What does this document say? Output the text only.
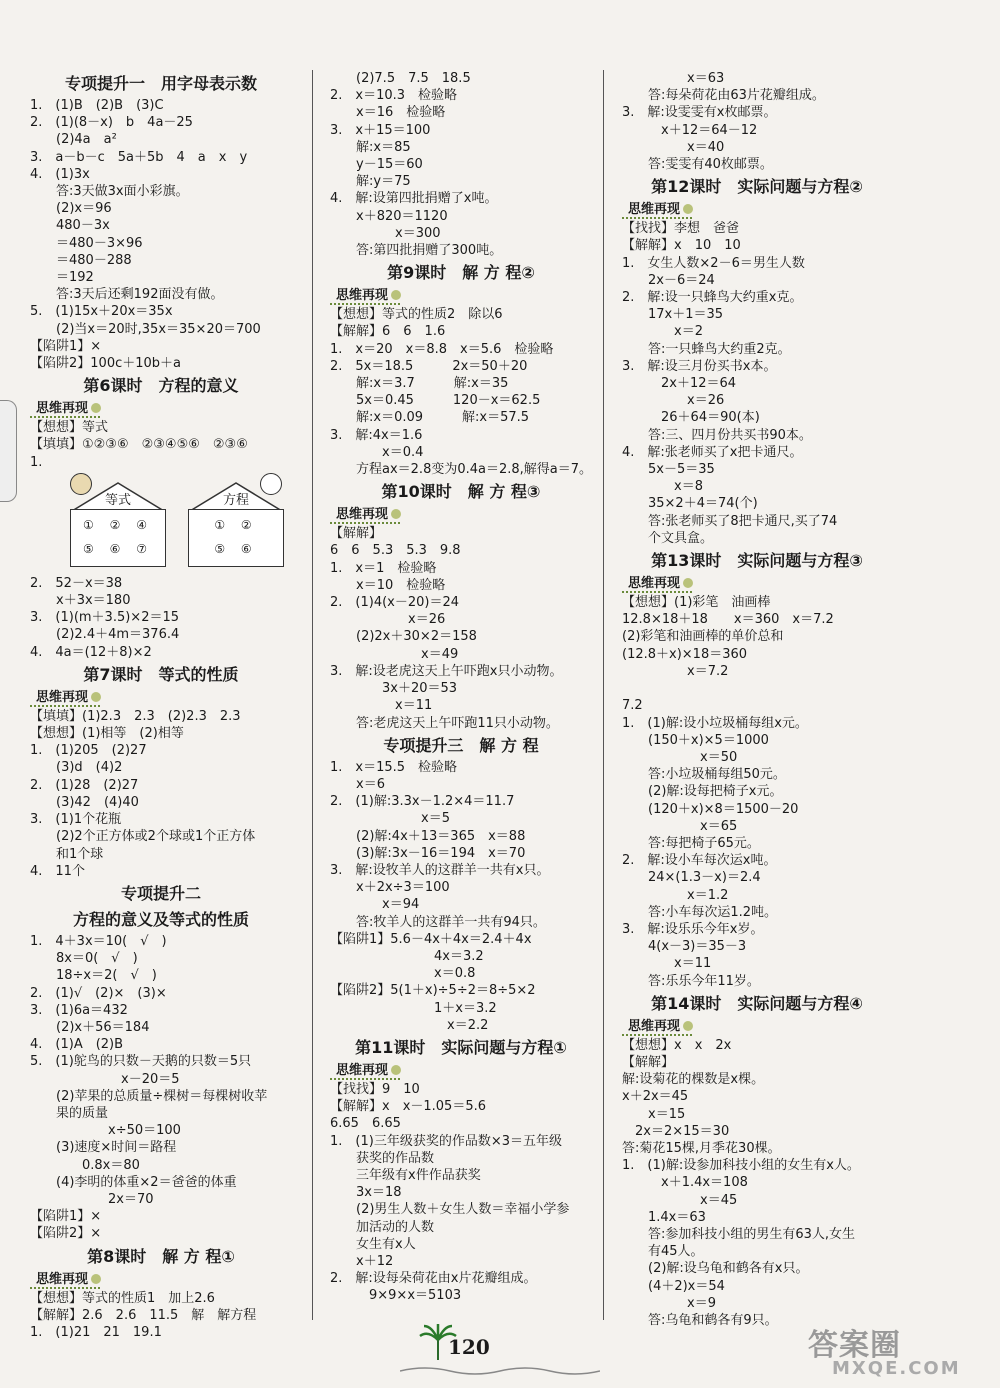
专项提升一　用字母表示数
1.　(1)B　(2)B　(3)C
2.　(1)(8－x)　b　4a－25
　　(2)4a　a²
3.　a－b－c　5a＋5b　4　a　x　y
4.　(1)3x
　　答:3天做3x面小彩旗。
　　(2)x＝96
　　480－3x
　　＝480－3×96
　　＝480－288
　　＝192
　　答:3天后还剩192面没有做。
5.　(1)15x＋20x＝35x
　　(2)当x＝20时,35x＝35×20＝700
【陷阱1】×
【陷阱2】100c＋10b＋a
第6课时　方程的意义
思维再现
【想想】等式
【填填】①②③⑥　②③④⑤⑥　②③⑥
1.
等式
① ② ④
⑤ ⑥ ⑦
方程
① ②
⑤ ⑥
2.　52－x＝38
　　x＋3x＝180
3.　(1)(m＋3.5)×2＝15
　　(2)2.4＋4m＝376.4
4.　4a＝(12＋8)×2
第7课时　等式的性质
思维再现
【填填】(1)2.3　2.3　(2)2.3　2.3
【想想】(1)相等　(2)相等
1.　(1)205　(2)27
　　(3)d　(4)2
2.　(1)28　(2)27
　　(3)42　(4)40
3.　(1)1个花瓶
　　(2)2个正方体或2个球或1个正方体
　　和1个球
4.　11个
专项提升二
方程的意义及等式的性质
1.　4＋3x＝10(　√　)
　　8x＝0(　√　)
　　18÷x＝2(　√　)
2.　(1)√　(2)×　(3)×
3.　(1)6a＝432
　　(2)x＋56＝184
4.　(1)A　(2)B
5.　(1)鸵鸟的只数－天鹅的只数＝5只
　　　　　　　x－20＝5
　　(2)苹果的总质量÷棵树＝每棵树收苹
　　果的质量
　　　　　　x÷50＝100
　　(3)速度×时间＝路程
　　　　0.8x＝80
　　(4)李明的体重×2＝爸爸的体重
　　　　　　2x＝70
【陷阱1】×
【陷阱2】×
第8课时　解 方 程①
思维再现
【想想】等式的性质1　加上2.6
【解解】2.6　2.6　11.5　解　解方程
1.　(1)21　21　19.1
　　(2)7.5　7.5　18.5
2.　x＝10.3　检验略
　　x＝16　检验略
3.　x＋15＝100
　　解:x＝85
　　y－15＝60
　　解:y＝75
4.　解:设第四批捐赠了x吨。
　　x＋820＝1120
　　　　　x＝300
　　答:第四批捐赠了300吨。
第9课时　解 方 程②
思维再现
【想想】等式的性质2　除以6
【解解】6　6　1.6
1.　x＝20　x＝8.8　x＝5.6　检验略
2.　5x＝18.5　　　2x＝50＋20
　　解:x＝3.7　　　解:x＝35
　　5x＝0.45　　　120－x＝62.5
　　解:x＝0.09　　　解:x＝57.5
3.　解:4x＝1.6
　　　　x＝0.4
　　方程ax＝2.8变为0.4a＝2.8,解得a＝7。
第10课时　解 方 程③
思维再现
【解解】
6　6　5.3　5.3　9.8
1.　x＝1　检验略
　　x＝10　检验略
2.　(1)4(x－20)＝24
　　　　　　x＝26
　　(2)2x＋30×2＝158
　　　　　　　x＝49
3.　解:设老虎这天上午吓跑x只小动物。
　　　　3x＋20＝53
　　　　　x＝11
　　答:老虎这天上午吓跑11只小动物。
专项提升三　解 方 程
1.　x＝15.5　检验略
　　x＝6
2.　(1)解:3.3x－1.2×4＝11.7
　　　　　　　x＝5
　　(2)解:4x＋13＝365　x＝88
　　(3)解:3x－16＝194　x＝70
3.　解:设牧羊人的这群羊一共有x只。
　　x＋2x÷3＝100
　　　　x＝94
　　答:牧羊人的这群羊一共有94只。
【陷阱1】5.6－4x＋4x＝2.4＋4x
　　　　　　　　4x＝3.2
　　　　　　　　x＝0.8
【陷阱2】5(1＋x)÷5÷2＝8÷5×2
　　　　　　　　1＋x＝3.2
　　　　　　　　　x＝2.2
第11课时　实际问题与方程①
思维再现
【找找】9　10
【解解】x　x－1.05＝5.6
6.65　6.65
1.　(1)三年级获奖的作品数×3＝五年级
　　获奖的作品数
　　三年级有x件作品获奖
　　3x＝18
　　(2)男生人数＋女生人数＝幸福小学参
　　加活动的人数
　　女生有x人
　　x＋12
2.　解:设每朵荷花由x片花瓣组成。
　　　9×9×x＝5103
　　　　　x＝63
　　答:每朵荷花由63片花瓣组成。
3.　解:设雯雯有x枚邮票。
　　　x＋12＝64－12
　　　　　x＝40
　　答:雯雯有40枚邮票。
第12课时　实际问题与方程②
思维再现
【找找】李想　爸爸
【解解】x　10　10
1.　女生人数×2－6＝男生人数
　　2x－6＝24
2.　解:设一只蜂鸟大约重x克。
　　17x＋1＝35
　　　　x＝2
　　答:一只蜂鸟大约重2克。
3.　解:设三月份买书x本。
　　　2x＋12＝64
　　　　　x＝26
　　　26＋64＝90(本)
　　答:三、四月份共买书90本。
4.　解:张老师买了x把卡通尺。
　　5x－5＝35
　　　　x＝8
　　35×2＋4＝74(个)
　　答:张老师买了8把卡通尺,买了74
　　个文具盒。
第13课时　实际问题与方程③
思维再现
【想想】(1)彩笔　油画棒
12.8×18＋18　　x＝360　x＝7.2
(2)彩笔和油画棒的单价总和
(12.8＋x)×18＝360
　　　　　x＝7.2

7.2
1.　(1)解:设小垃圾桶每组x元。
　　(150＋x)×5＝1000
　　　　　　x＝50
　　答:小垃圾桶每组50元。
　　(2)解:设每把椅子x元。
　　(120＋x)×8＝1500－20
　　　　　　x＝65
　　答:每把椅子65元。
2.　解:设小车每次运x吨。
　　24×(1.3－x)＝2.4
　　　　　x＝1.2
　　答:小车每次运1.2吨。
3.　解:设乐乐今年x岁。
　　4(x－3)＝35－3
　　　　x＝11
　　答:乐乐今年11岁。
第14课时　实际问题与方程④
思维再现
【想想】x　x　2x
【解解】
解:设菊花的棵数是x棵。
x＋2x＝45
　　x＝15
　2x＝2×15＝30
答:菊花15棵,月季花30棵。
1.　(1)解:设参加科技小组的女生有x人。
　　　x＋1.4x＝108
　　　　　　x＝45
　　1.4x＝63
　　答:参加科技小组的男生有63人,女生
　　有45人。
　　(2)解:设乌龟和鹤各有x只。
　　(4＋2)x＝54
　　　　　x＝9
　　答:乌龟和鹤各有9只。
120	答案圈
MXQE.COM
